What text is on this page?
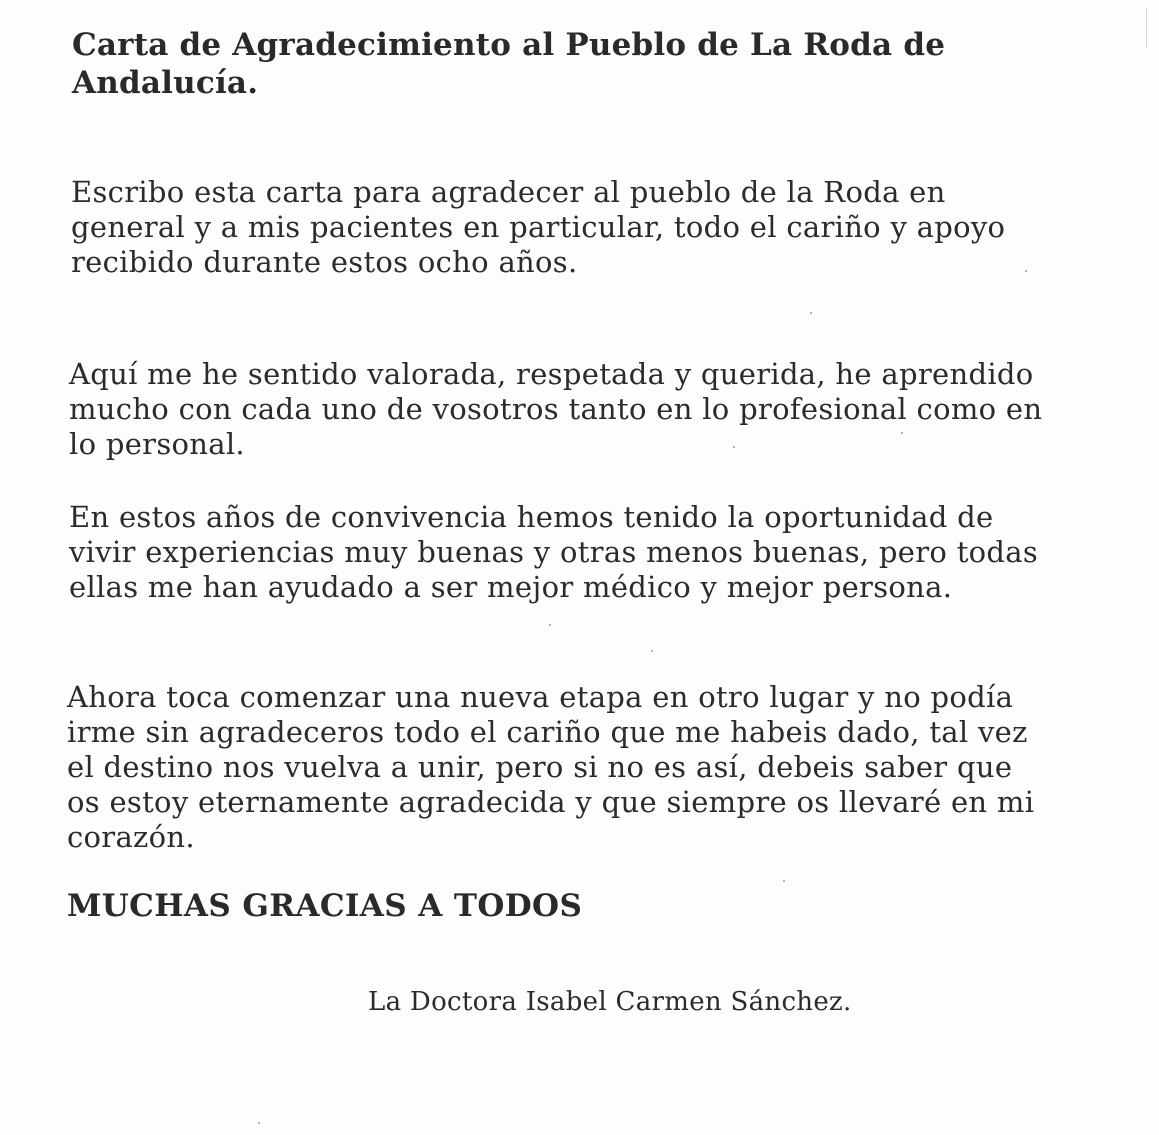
Carta de Agradecimiento al Pueblo de La Roda de
Andalucía.

Escribo esta carta para agradecer al pueblo de la Roda en
general y a mis pacientes en particular, todo el cariño y apoyo
recibido durante estos ocho años.

Aquí me he sentido valorada, respetada y querida, he aprendido
mucho con cada uno de vosotros tanto en lo profesional como en
lo personal.

En estos años de convivencia hemos tenido la oportunidad de
vivir experiencias muy buenas y otras menos buenas, pero todas
ellas me han ayudado a ser mejor médico y mejor persona.

Ahora toca comenzar una nueva etapa en otro lugar y no podía
irme sin agradeceros todo el cariño que me habeis dado, tal vez
el destino nos vuelva a unir, pero si no es así, debeis saber que
os estoy eternamente agradecida y que siempre os llevaré en mi
corazón.

MUCHAS GRACIAS A TODOS

La Doctora Isabel Carmen Sánchez.
